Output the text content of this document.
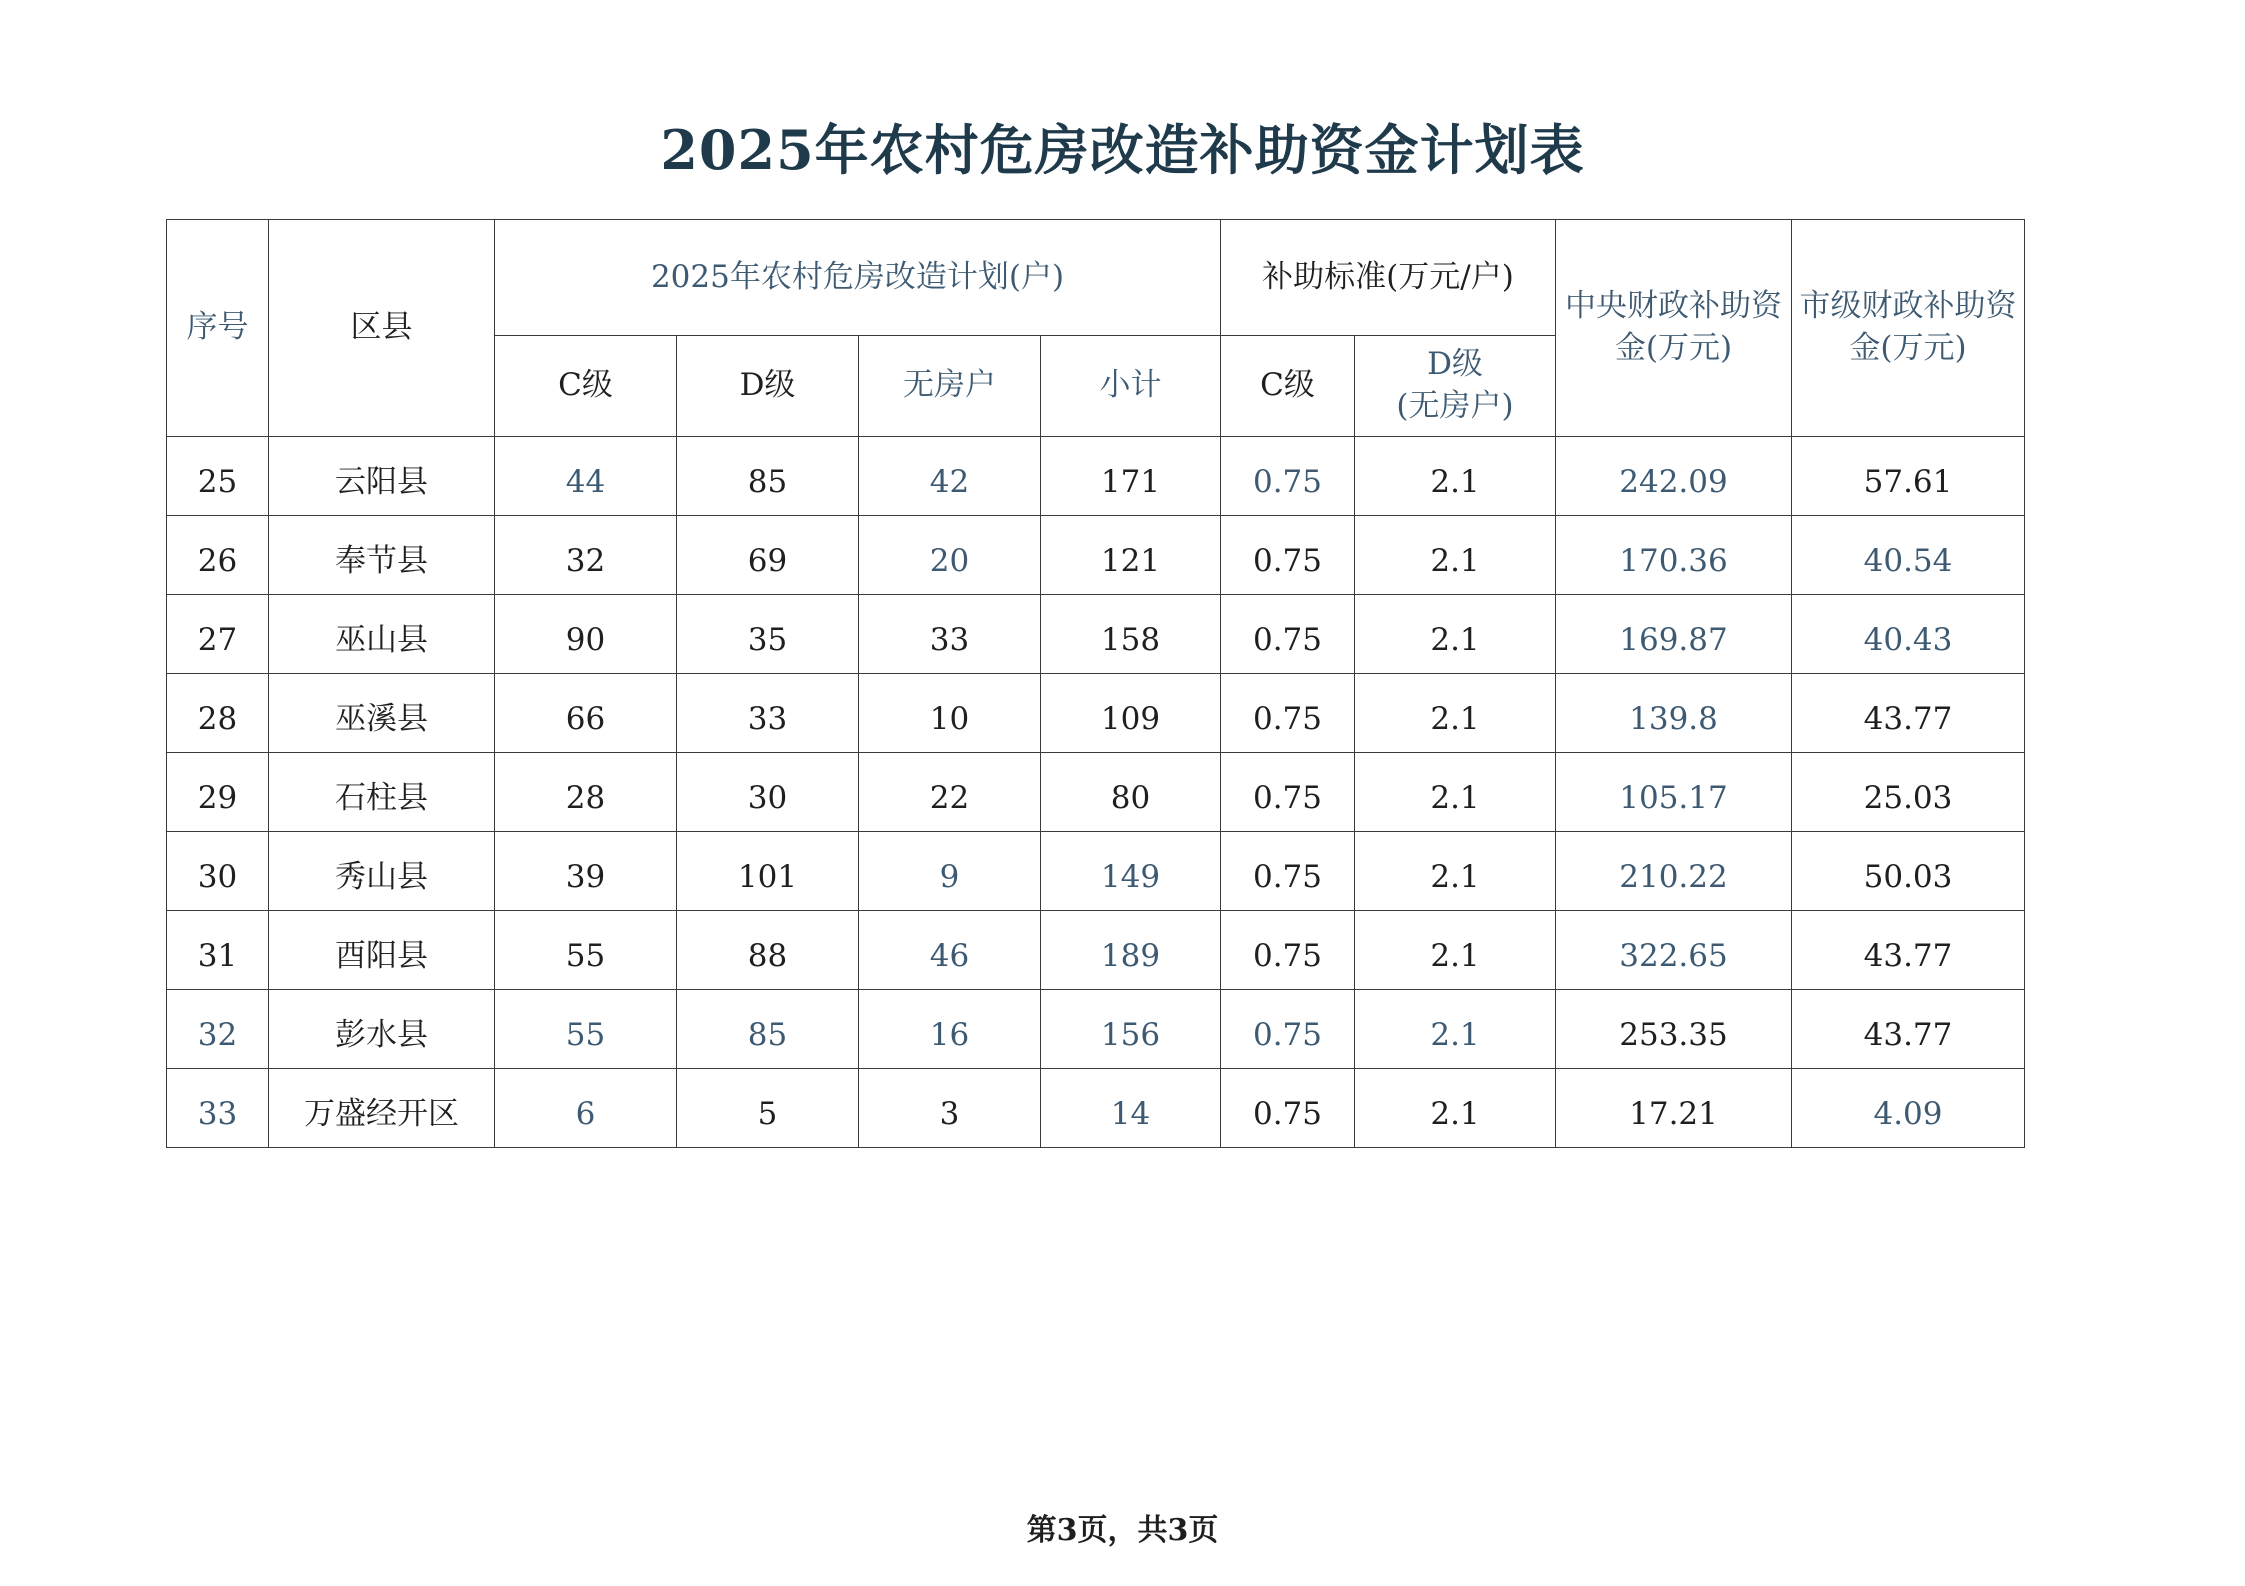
2025年农村危房改造补助资金计划表
序号	区县	2025年农村危房改造计划(户)				补助标准(万元/户)		中央财政补助资金(万元)	市级财政补助资金(万元)
		C级	D级	无房户	小计	C级	D级
(无房户)		
25	云阳县	44	85	42	171	0.75	2.1	242.09	57.61
26	奉节县	32	69	20	121	0.75	2.1	170.36	40.54
27	巫山县	90	35	33	158	0.75	2.1	169.87	40.43
28	巫溪县	66	33	10	109	0.75	2.1	139.8	43.77
29	石柱县	28	30	22	80	0.75	2.1	105.17	25.03
30	秀山县	39	101	9	149	0.75	2.1	210.22	50.03
31	酉阳县	55	88	46	189	0.75	2.1	322.65	43.77
32	彭水县	55	85	16	156	0.75	2.1	253.35	43.77
33	万盛经开区	6	5	3	14	0.75	2.1	17.21	4.09
第3页，共3页
